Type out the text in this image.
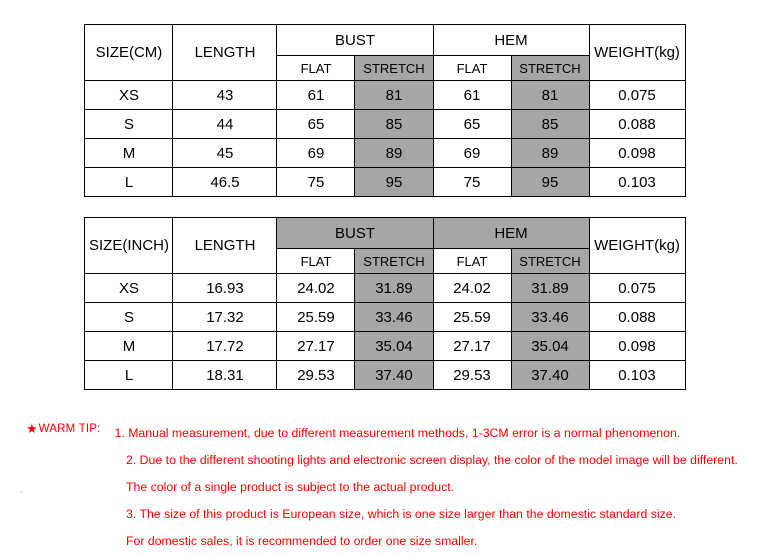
SIZE(CM)	LENGTH	BUST		HEM		WEIGHT(kg)
		FLAT	STRETCH	FLAT	STRETCH	
XS	43	61	81	61	81	0.075
S	44	65	85	65	85	0.088
M	45	69	89	69	89	0.098
L	46.5	75	95	75	95	0.103
SIZE(INCH)	LENGTH	BUST		HEM		WEIGHT(kg)
		FLAT	STRETCH	FLAT	STRETCH	
XS	16.93	24.02	31.89	24.02	31.89	0.075
S	17.32	25.59	33.46	25.59	33.46	0.088
M	17.72	27.17	35.04	27.17	35.04	0.098
L	18.31	29.53	37.40	29.53	37.40	0.103
★ WARM TIP: 1. Manual measurement, due to different measurement methods, 1-3CM error is a normal phenomenon.
2. Due to the different shooting lights and electronic screen display, the color of the model image will be different.
The color of a single product is subject to the actual product.
3. The size of this product is European size, which is one size larger than the domestic standard size.
For domestic sales, it is recommended to order one size smaller.
`
